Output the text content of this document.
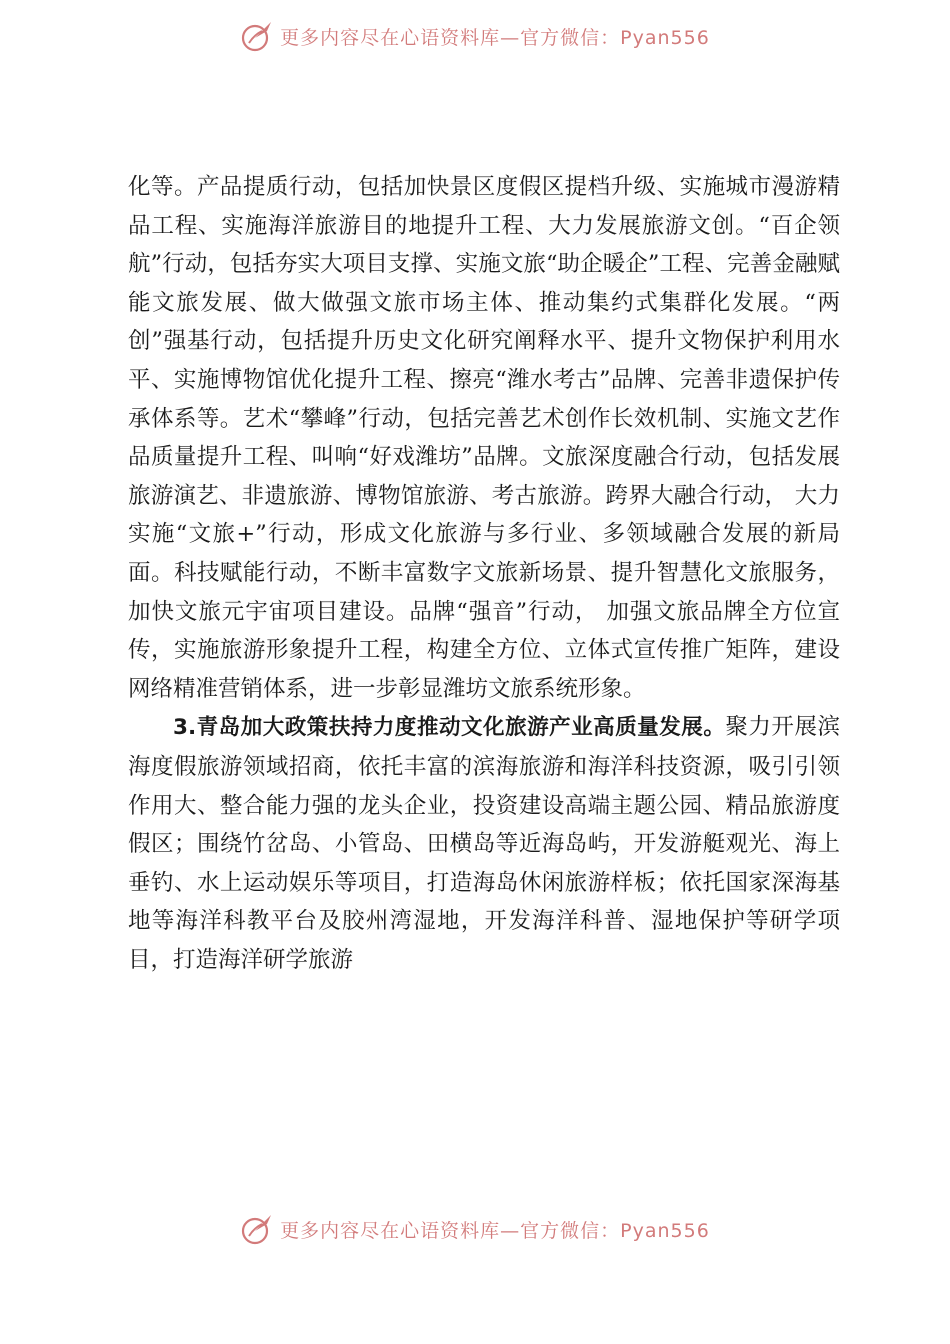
更多内容尽在心语资料库—官方微信：Pyan556

化等。产品提质行动，包括加快景区度假区提档升级、实施城市漫游精品工程、实施海洋旅游目的地提升工程、大力发展旅游文创。“百企领航”行动，包括夯实大项目支撑、实施文旅“助企暖企”工程、完善金融赋能文旅发展、做大做强文旅市场主体、推动集约式集群化发展。“两创”强基行动，包括提升历史文化研究阐释水平、提升文物保护利用水平、实施博物馆优化提升工程、擦亮“潍水考古”品牌、完善非遗保护传承体系等。艺术“攀峰”行动，包括完善艺术创作长效机制、实施文艺作品质量提升工程、叫响“好戏潍坊”品牌。文旅深度融合行动，包括发展旅游演艺、非遗旅游、博物馆旅游、考古旅游。跨界大融合行动， 大力实施“文旅+”行动，形成文化旅游与多行业、多领域融合发展的新局面。科技赋能行动，不断丰富数字文旅新场景、提升智慧化文旅服务，加快文旅元宇宙项目建设。品牌“强音”行动， 加强文旅品牌全方位宣传，实施旅游形象提升工程，构建全方位、立体式宣传推广矩阵，建设网络精准营销体系，进一步彰显潍坊文旅系统形象。

3.青岛加大政策扶持力度推动文化旅游产业高质量发展。聚力开展滨海度假旅游领域招商，依托丰富的滨海旅游和海洋科技资源，吸引引领作用大、整合能力强的龙头企业，投资建设高端主题公园、精品旅游度假区；围绕竹岔岛、小管岛、田横岛等近海岛屿，开发游艇观光、海上垂钓、水上运动娱乐等项目，打造海岛休闲旅游样板；依托国家深海基地等海洋科教平台及胶州湾湿地，开发海洋科普、湿地保护等研学项目，打造海洋研学旅游

更多内容尽在心语资料库—官方微信：Pyan556
